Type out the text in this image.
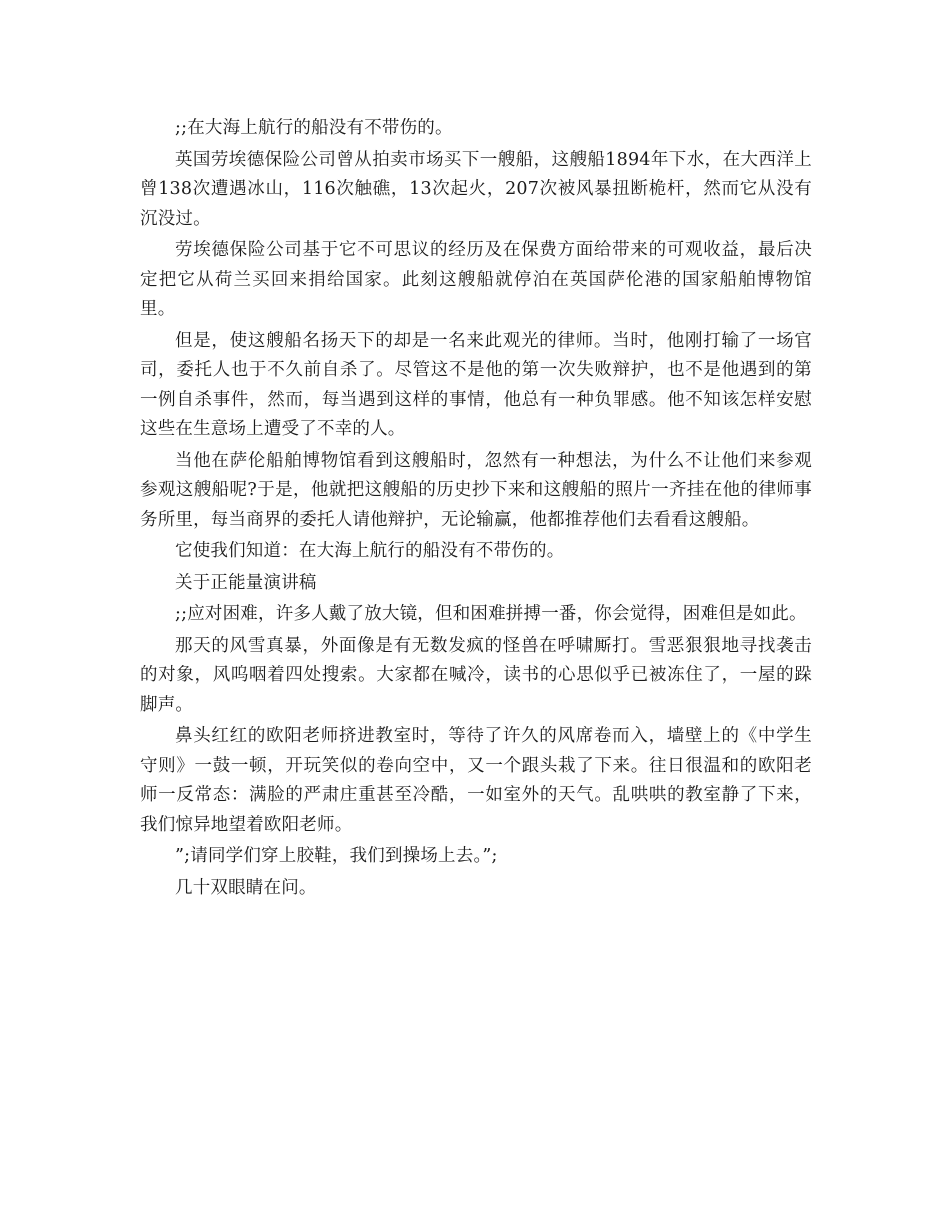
;;在大海上航行的船没有不带伤的。

英国劳埃德保险公司曾从拍卖市场买下一艘船，这艘船1894年下水，在大西洋上曾138次遭遇冰山，116次触礁，13次起火，207次被风暴扭断桅杆，然而它从没有沉没过。

劳埃德保险公司基于它不可思议的经历及在保费方面给带来的可观收益，最后决定把它从荷兰买回来捐给国家。此刻这艘船就停泊在英国萨伦港的国家船舶博物馆里。

但是，使这艘船名扬天下的却是一名来此观光的律师。当时，他刚打输了一场官司，委托人也于不久前自杀了。尽管这不是他的第一次失败辩护，也不是他遇到的第一例自杀事件，然而，每当遇到这样的事情，他总有一种负罪感。他不知该怎样安慰这些在生意场上遭受了不幸的人。

当他在萨伦船舶博物馆看到这艘船时，忽然有一种想法，为什么不让他们来参观参观这艘船呢?于是，他就把这艘船的历史抄下来和这艘船的照片一齐挂在他的律师事务所里，每当商界的委托人请他辩护，无论输赢，他都推荐他们去看看这艘船。

它使我们知道：在大海上航行的船没有不带伤的。

关于正能量演讲稿

;;应对困难，许多人戴了放大镜，但和困难拼搏一番，你会觉得，困难但是如此。

那天的风雪真暴，外面像是有无数发疯的怪兽在呼啸厮打。雪恶狠狠地寻找袭击的对象，风呜咽着四处搜索。大家都在喊冷，读书的心思似乎已被冻住了，一屋的跺脚声。

鼻头红红的欧阳老师挤进教室时，等待了许久的风席卷而入，墙壁上的《中学生守则》一鼓一顿，开玩笑似的卷向空中，又一个跟头栽了下来。往日很温和的欧阳老师一反常态：满脸的严肃庄重甚至冷酷，一如室外的天气。乱哄哄的教室静了下来，我们惊异地望着欧阳老师。

”;请同学们穿上胶鞋，我们到操场上去。”;

几十双眼睛在问。
